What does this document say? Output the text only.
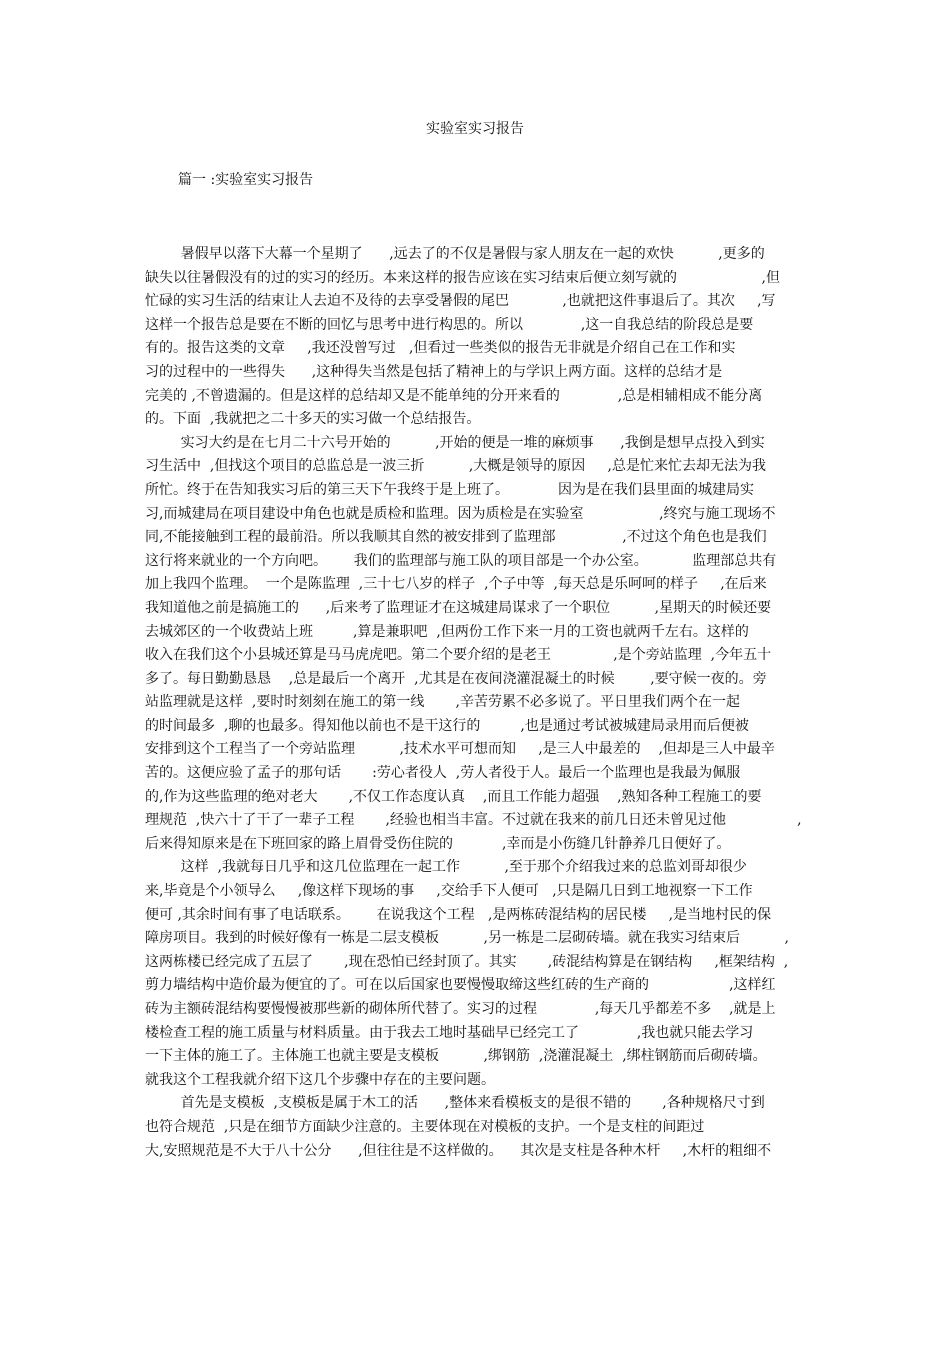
实验室实习报告
篇一 :实验室实习报告
暑假早以落下大幕一个星期了      ,远去了的不仅是暑假与家人朋友在一起的欢快          ,更多的
缺失以往暑假没有的过的实习的经历。本来这样的报告应该在实习结束后便立刻写就的                   ,但
忙碌的实习生活的结束让人去迫不及待的去享受暑假的尾巴            ,也就把这件事退后了。其次     ,写
这样一个报告总是要在不断的回忆与思考中进行构思的。所以             ,这一自我总结的阶段总是要
有的。报告这类的文章     ,我还没曾写过   ,但看过一些类似的报告无非就是介绍自己在工作和实
习的过程中的一些得失      ,这种得失当然是包括了精神上的与学识上两方面。这样的总结才是
完美的 ,不曾遗漏的。但是这样的总结却又是不能单纯的分开来看的             ,总是相辅相成不能分离
的。下面  ,我就把之二十多天的实习做一个总结报告。
实习大约是在七月二十六号开始的          ,开始的便是一堆的麻烦事      ,我倒是想早点投入到实
习生活中  ,但找这个项目的总监总是一波三折          ,大概是领导的原因     ,总是忙来忙去却无法为我
所忙。终于在告知我实习后的第三天下午我终于是上班了。           因为是在我们县里面的城建局实
习,而城建局在项目建设中角色也就是质检和监理。因为质检是在实验室                 ,终究与施工现场不
同,不能接触到工程的最前沿。所以我顺其自然的被安排到了监理部               ,不过这个角色也是我们
这行将来就业的一个方向吧。      我们的监理部与施工队的项目部是一个办公室。          监理部总共有
加上我四个监理。  一个是陈监理  ,三十七八岁的样子  ,个子中等  ,每天总是乐呵呵的样子     ,在后来
我知道他之前是搞施工的      ,后来考了监理证才在这城建局谋求了一个职位          ,星期天的时候还要
去城郊区的一个收费站上班         ,算是兼职吧  ,但两份工作下来一月的工资也就两千左右。这样的
收入在我们这个小县城还算是马马虎虎吧。第二个要介绍的是老王              ,是个旁站监理  ,今年五十
多了。每日勤勤恳恳    ,总是最后一个离开  ,尤其是在夜间浇灌混凝土的时候        ,要守候一夜的。旁
站监理就是这样  ,要时时刻刻在施工的第一线       ,辛苦劳累不必多说了。平日里我们两个在一起
的时间最多  ,聊的也最多。得知他以前也不是干这行的         ,也是通过考试被城建局录用而后便被
安排到这个工程当了一个旁站监理          ,技术水平可想而知     ,是三人中最差的    ,但却是三人中最辛
苦的。这便应验了孟子的那句话       :劳心者役人  ,劳人者役于人。最后一个监理也是我最为佩服
的,作为这些监理的绝对老大       ,不仅工作态度认真    ,而且工作能力超强    ,熟知各种工程施工的要
理规范  ,快六十了干了一辈子工程       ,经验也相当丰富。不过就在我来的前几日还未曾见过他                ,
后来得知原来是在下班回家的路上眉骨受伤住院的           ,幸而是小伤缝几针静养几日便好了。
这样  ,我就每日几乎和这几位监理在一起工作          ,至于那个介绍我过来的总监刘哥却很少
来,毕竟是个小领导么     ,像这样下现场的事     ,交给手下人便可   ,只是隔几日到工地视察一下工作
便可 ,其余时间有事了电话联系。      在说我这个工程   ,是两栋砖混结构的居民楼     ,是当地村民的保
障房项目。我到的时候好像有一栋是二层支模板          ,另一栋是二层砌砖墙。就在我实习结束后          ,
这两栋楼已经完成了五层了       ,现在恐怕已经封顶了。其实       ,砖混结构算是在钢结构     ,框架结构  ,
剪力墙结构中造价最为便宜的了。可在以后国家也要慢慢取缔这些红砖的生产商的                  ,这样红
砖为主额砖混结构要慢慢被那些新的砌体所代替了。实习的过程             ,每天几乎都差不多    ,就是上
楼检查工程的施工质量与材料质量。由于我去工地时基础早已经完工了             ,我也就只能去学习
一下主体的施工了。主体施工也就主要是支模板          ,绑钢筋  ,浇灌混凝土  ,绑柱钢筋而后砌砖墙。
就我这个工程我就介绍下这几个步骤中存在的主要问题。
首先是支模板  ,支模板是属于木工的活      ,整体来看模板支的是很不错的       ,各种规格尺寸到
也符合规范  ,只是在细节方面缺少注意的。主要体现在对模板的支护。一个是支柱的间距过
大,安照规范是不大于八十公分      ,但往往是不这样做的。    其次是支柱是各种木杆     ,木杆的粗细不
